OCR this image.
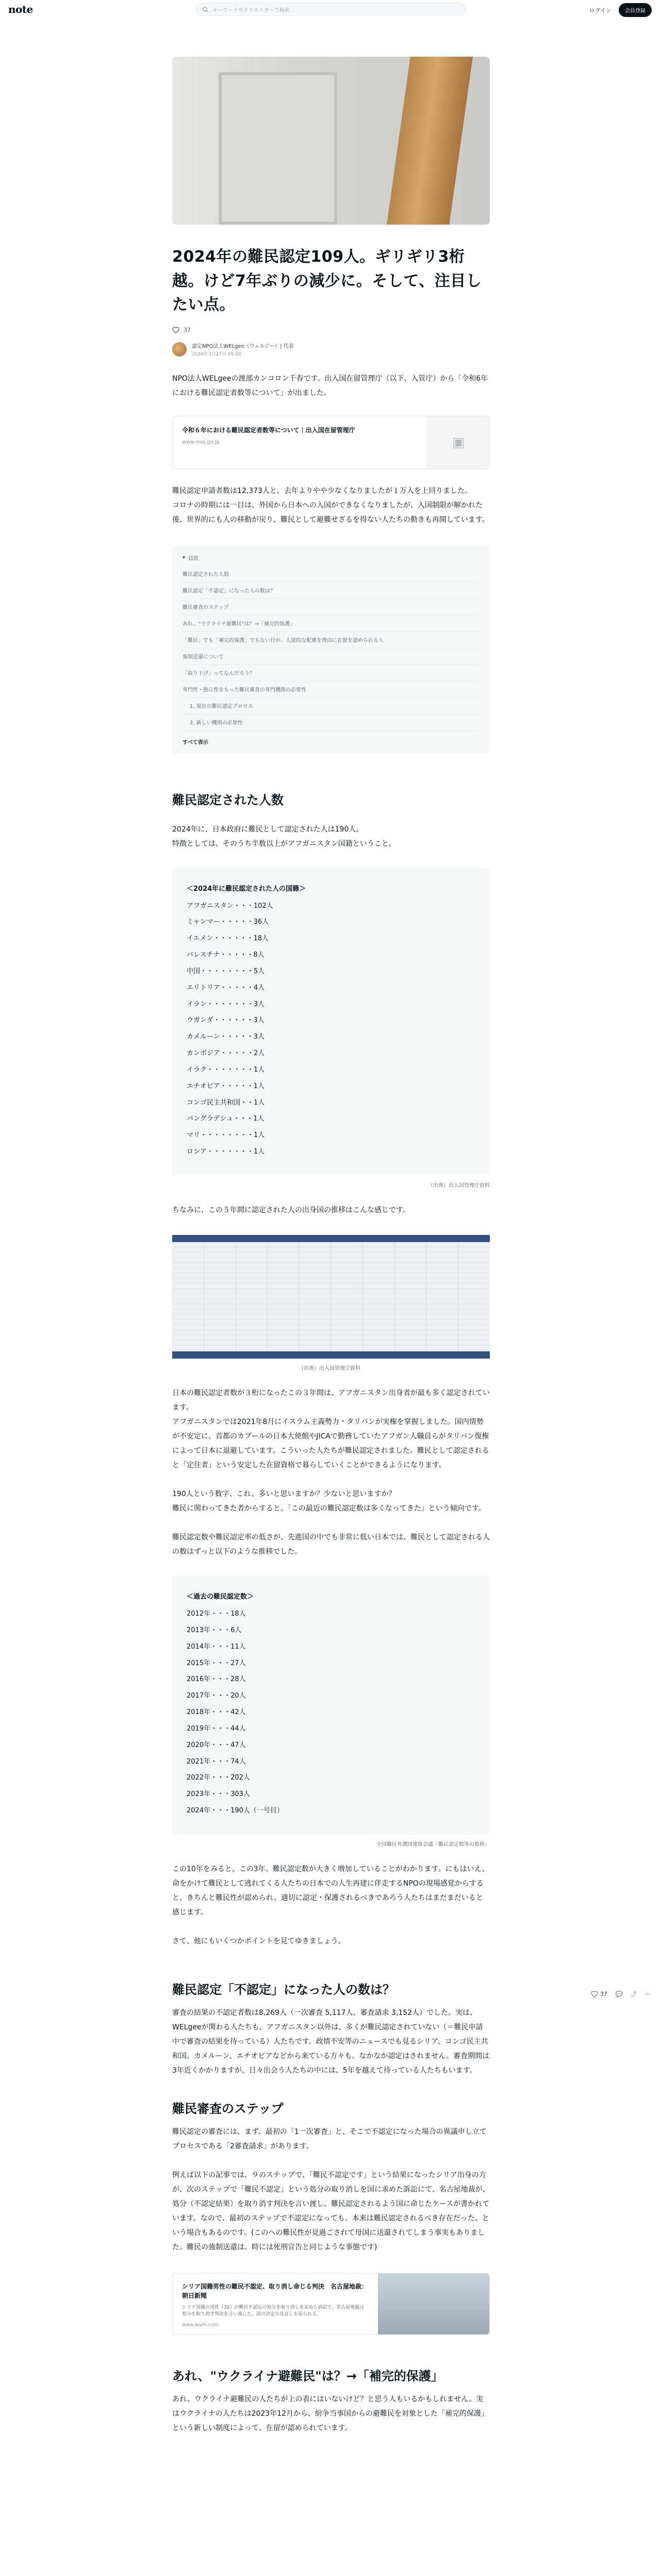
note	キーワードやクリエイターで検索	ログイン	会員登録
2024年の難民認定109人。ギリギリ3桁越。けど7年ぶりの減少に。そして、注目したい点。
37
認定NPO法人WELgee（ウェルジー）| 代表
2024年3月27日 09:00

NPO法人WELgeeの渡部カンコロン千春です。出入国在留管理庁（以下、入管庁）から「令和6年における難民認定者数等について」が出ました。

令和６年における難民認定者数等について｜出入国在留管理庁
www.moj.go.jp	▣

難民認定申請者数は12,373人と、去年よりやや少なくなりましたが１万人を上回りました。

コロナの時期には一目は、外国から日本への入国ができなくなりましたが、入国制限が解かれた後、世界的にも人の移動が戻り、難民として避難せざるを得ない人たちの動きも再開しています。

▾ 目次
難民認定された人数
難民認定「不認定」になった人の数は？
難民審査のステップ
あれ、"ウクライナ避難民"は？→「補完的保護」
「難民」でも「補完的保護」でもない行が、人道的な配慮を理由に在留を認められる人
強制送還について
「取り下げ」ってなんだろう？
専門性・独立性をもった難民審査の専門機関の必要性
1. 現在の難民認定プロセス
2. 新しい機関の必要性
すべて表示
難民認定された人数

2024年に、日本政府に難民として認定された人は190人。

特徴としては、そのうち半数以上がアフガニスタン国籍ということ。

＜2024年に難民認定された人の国籍＞
アフガニスタン・・・102人
ミャンマー・・・・・36人
イエメン・・・・・・18人
パレスチナ・・・・・8人
中国・・・・・・・・5人
エリトリア・・・・・4人
イラン・・・・・・・3人
ウガンダ・・・・・・3人
カメルーン・・・・・3人
カンボジア・・・・・2人
イラク・・・・・・・1人
エチオピア・・・・・1人
コンゴ民主共和国・・1人
バングラデシュ・・・1人
マリ・・・・・・・・1人
ロシア・・・・・・・1人
（出典）出入国管理庁資料

ちなみに、この５年間に認定された人の出身国の推移はこんな感じです。

(出典）出入国管理庁資料

日本の難民認定者数が３桁になったこの３年間は、アフガニスタン出身者が最も多く認定されています。

アフガニスタンでは2021年8月にイスラム主義勢力・タリバンが実権を掌握しました。国内情勢が不安定に、首都のカブールの日本大使館やJICAで勤務していたアフガン人職員らがタリバン復権によって日本に退避しています。こういった人たちが難民認定されました。難民として認定されると「定住者」という安定した在留資格で暮らしていくことができるようになります。

190人という数字、これ、多いと思いますか？少ないと思いますか？

難民に関わってきた者からすると、「この最近の難民認定数は多くなってきた」という傾向です。

難民認定数や難民認定率の低さが、先進国の中でも非常に低い日本では、難民として認定される人の数はずっと以下のような推移でした。

＜過去の難民認定数＞
2012年・・・18人
2013年・・・6人
2014年・・・11人
2015年・・・27人
2016年・・・28人
2017年・・・20人
2018年・・・42人
2019年・・・44人
2020年・・・47人
2021年・・・74人
2022年・・・202人
2023年・・・303人
2024年・・・190人（一号目）
全国難民弁護団連絡会議「難民認定数等の推移」

この10年をみると、この3年、難民認定数が大きく増加していることがわかります。にもはいえ、命をかけて難民として逃れてくる人たちの日本での人生再建に伴走するNPOの現場感覚からすると、きちんと難民性が認められ、適切に認定・保護されるべきであろう人たちはまだまだいると感じます。

さて、他にもいくつかポイントを見てゆきましょう。

難民認定「不認定」になった人の数は？

審査の結果の不認定者数は8,269人（一次審査 5,117人、審査請求 3,152人）でした。実は、WELgeeが関わる人たちも、アフガニスタン以外は、多くが難民認定されていない（＝難民申請中で審査の結果を待っている）人たちです。政情不安等のニュースでも見るシリア、コンゴ民主共和国、カメルーン、エチオピアなどから来ている方々も、なかなか認定はされません。審査期間は3年近くかかりますが、日々出会う人たちの中には、5年を越えて待っている人たちもいます。

難民審査のステップ

難民認定の審査には、まず、最初の「1一次審査」と、そこで不認定になった場合の異議申し立てプロセスである「2審査請求」があります。

例えば以下の記事では、９のステップで、「難民不認定です」という結果になったシリア出身の方が、次のステップで「難民不認定」という処分の取り消しを国に求めた訴訟にて、名古屋地裁が、処分（不認定結果）を取り消す判決を言い渡し、難民認定されるよう国に命じたケースが書かれています。なので、最初のステップで不認定になっても、本来は難民認定されるべき存在だった、という場合もあるのです。(このへの難民性が見過ごされて母国に送還されてしまう事実もありました。難民の強制送還は、時には死刑宣告と同じような事態です)

シリア国籍男性の難民不認定、取り消し命じる判決　名古屋地裁：朝日新聞
シリア国籍の男性（32）が難民不認定の処分を取り消しを求めた訴訟で、名古屋地裁は処分を取り消す判決を言い渡した。国の決定の見直しを迫られる。
www.asahi.com
あれ、"ウクライナ避難民"は？→「補完的保護」

あれ、ウクライナ避難民の人たちが上の表にはいないけど？と思う人もいるかもしれません。実はウクライナの人たちは2023年12月から、紛争当事国からの避難民を対象とした「補完的保護」という新しい制度によって、在留が認められています。

37 💬 ⤴ ⋯
